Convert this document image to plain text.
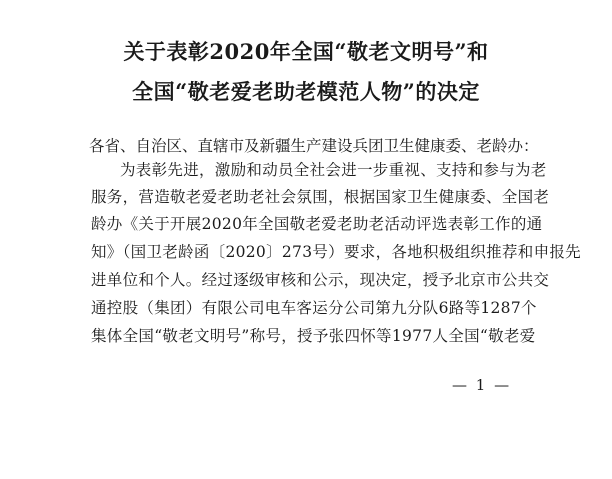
关于表彰2020年全国“敬老文明号”和
全国“敬老爱老助老模范人物”的决定
各省、自治区、直辖市及新疆生产建设兵团卫生健康委、老龄办：
为表彰先进，激励和动员全社会进一步重视、支持和参与为老
服务，营造敬老爱老助老社会氛围，根据国家卫生健康委、全国老
龄办《关于开展2020年全国敬老爱老助老活动评选表彰工作的通
知》（国卫老龄函〔2020〕273号）要求，各地积极组织推荐和申报先
进单位和个人。经过逐级审核和公示，现决定，授予北京市公共交
通控股（集团）有限公司电车客运分公司第九分队6路等1287个
集体全国“敬老文明号”称号，授予张四怀等1977人全国“敬老爱
— 1 —
